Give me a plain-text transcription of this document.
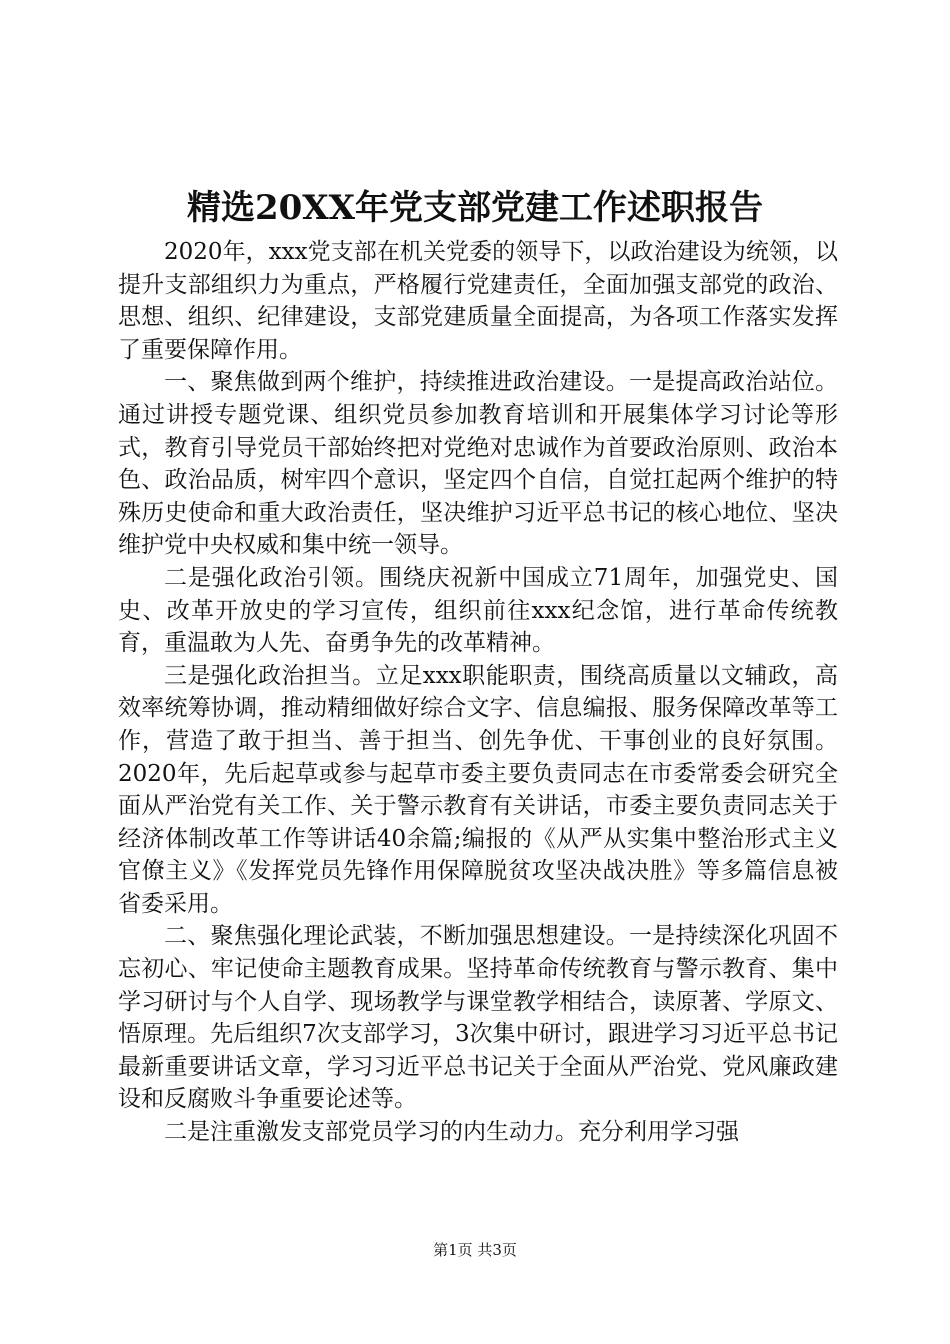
精选20XX年党支部党建工作述职报告

2020年，xxx党支部在机关党委的领导下，以政治建设为统领，以提升支部组织力为重点，严格履行党建责任，全面加强支部党的政治、思想、组织、纪律建设，支部党建质量全面提高，为各项工作落实发挥了重要保障作用。

一、聚焦做到两个维护，持续推进政治建设。一是提高政治站位。通过讲授专题党课、组织党员参加教育培训和开展集体学习讨论等形式，教育引导党员干部始终把对党绝对忠诚作为首要政治原则、政治本色、政治品质，树牢四个意识，坚定四个自信，自觉扛起两个维护的特殊历史使命和重大政治责任，坚决维护习近平总书记的核心地位、坚决维护党中央权威和集中统一领导。

二是强化政治引领。围绕庆祝新中国成立71周年，加强党史、国史、改革开放史的学习宣传，组织前往xxx纪念馆，进行革命传统教育，重温敢为人先、奋勇争先的改革精神。

三是强化政治担当。立足xxx职能职责，围绕高质量以文辅政，高效率统筹协调，推动精细做好综合文字、信息编报、服务保障改革等工作，营造了敢于担当、善于担当、创先争优、干事创业的良好氛围。2020年，先后起草或参与起草市委主要负责同志在市委常委会研究全面从严治党有关工作、关于警示教育有关讲话，市委主要负责同志关于经济体制改革工作等讲话40余篇;编报的《从严从实集中整治形式主义官僚主义》《发挥党员先锋作用保障脱贫攻坚决战决胜》等多篇信息被省委采用。

二、聚焦强化理论武装，不断加强思想建设。一是持续深化巩固不忘初心、牢记使命主题教育成果。坚持革命传统教育与警示教育、集中学习研讨与个人自学、现场教学与课堂教学相结合，读原著、学原文、悟原理。先后组织7次支部学习，3次集中研讨，跟进学习习近平总书记最新重要讲话文章，学习习近平总书记关于全面从严治党、党风廉政建设和反腐败斗争重要论述等。

二是注重激发支部党员学习的内生动力。充分利用学习强

第1页 共3页
